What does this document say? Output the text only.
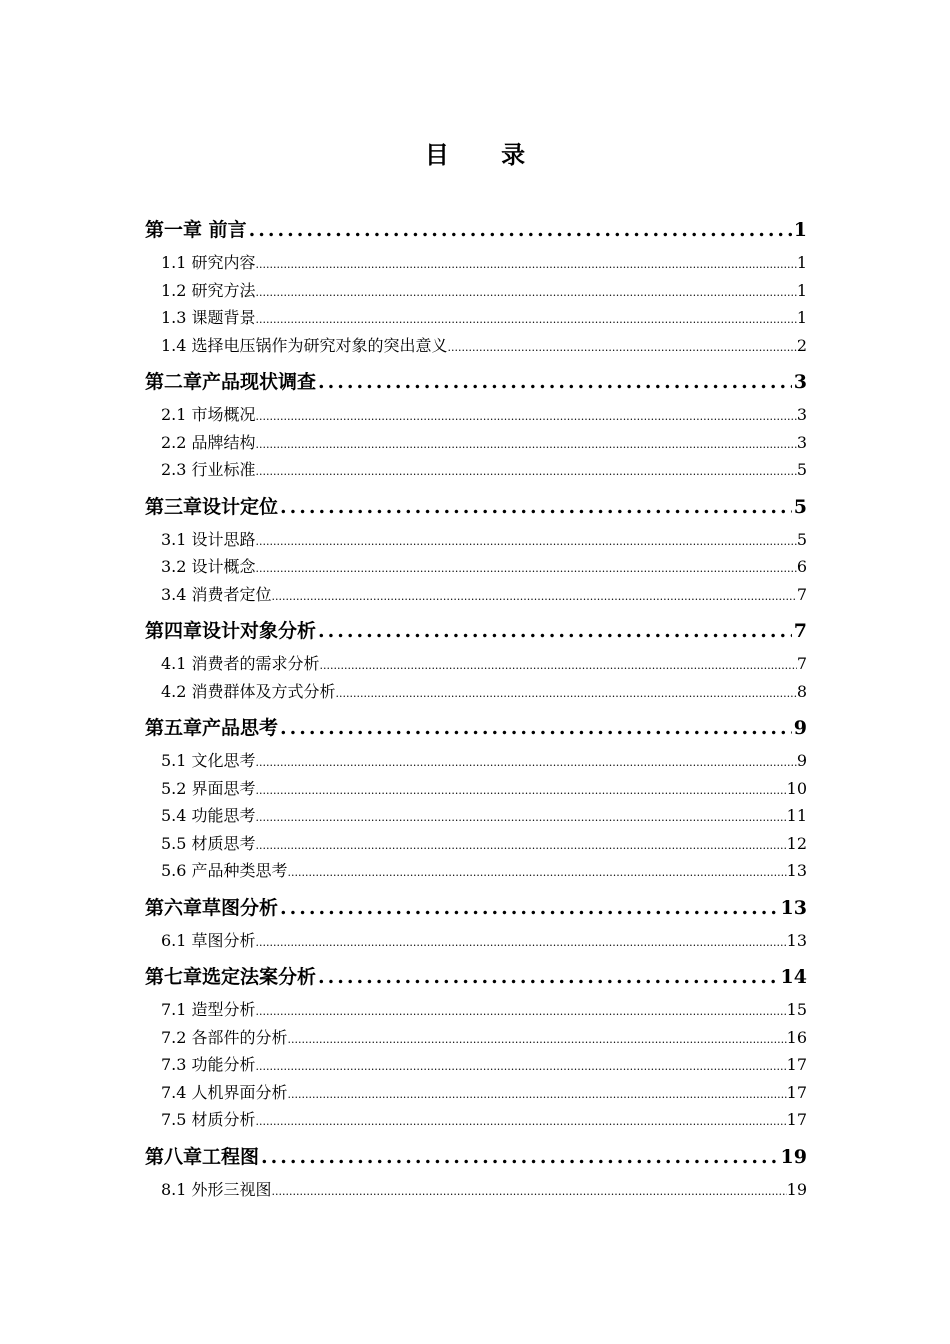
目 录
第一章 前言 .....	1
1.1 研究内容 .....	1
1.2 研究方法 .....	1
1.3 课题背景 .....	1
1.4 选择电压锅作为研究对象的突出意义 .....	2
第二章产品现状调查 .....	3
2.1 市场概况 .....	3
2.2 品牌结构 .....	3
2.3 行业标准 .....	5
第三章设计定位 .....	5
3.1 设计思路 .....	5
3.2 设计概念 .....	6
3.4 消费者定位 .....	7
第四章设计对象分析 .....	7
4.1 消费者的需求分析 .....	7
4.2 消费群体及方式分析 .....	8
第五章产品思考 .....	9
5.1 文化思考 .....	9
5.2 界面思考 .....	10
5.4 功能思考 .....	11
5.5 材质思考 .....	12
5.6 产品种类思考 .....	13
第六章草图分析 .....	13
6.1 草图分析 .....	13
第七章选定法案分析 .....	14
7.1 造型分析 .....	15
7.2 各部件的分析 .....	16
7.3 功能分析 .....	17
7.4 人机界面分析 .....	17
7.5 材质分析 .....	17
第八章工程图 .....	19
8.1 外形三视图 .....	19
